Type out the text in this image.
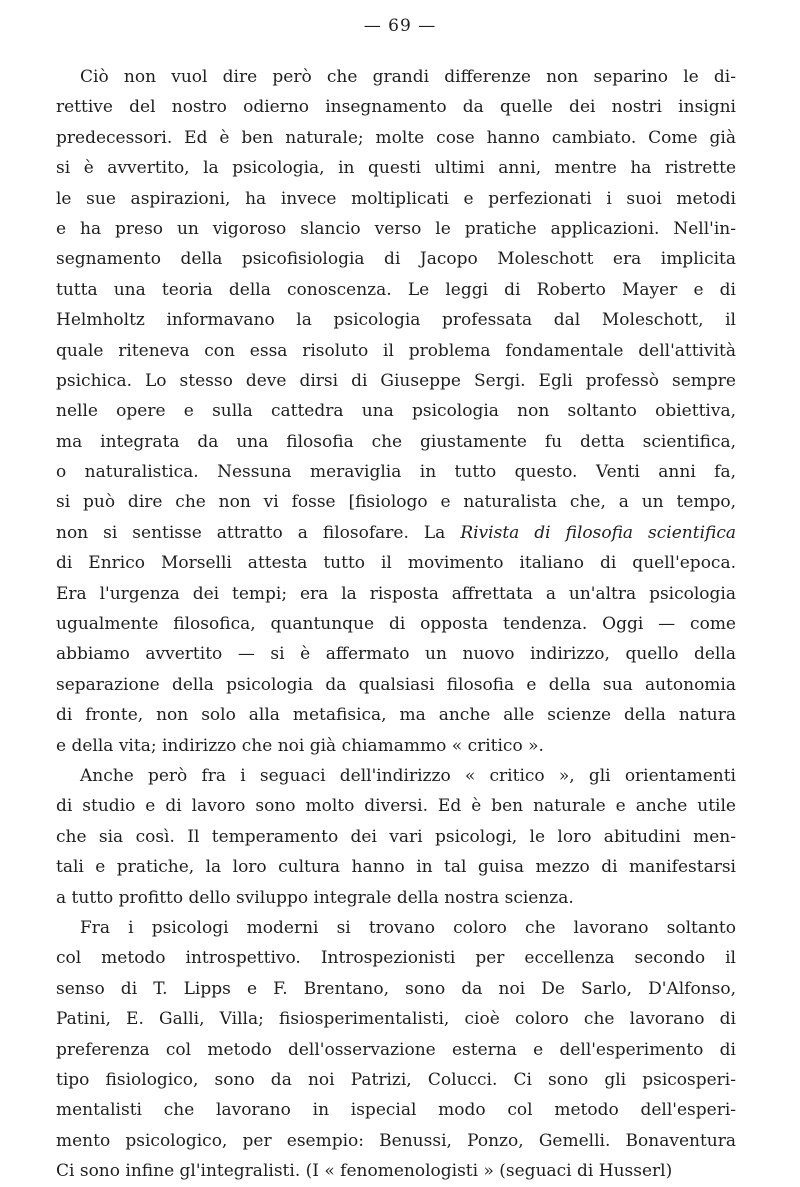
— 69 —
Ciò non vuol dire però che grandi differenze non separino le di-
rettive del nostro odierno insegnamento da quelle dei nostri insigni
predecessori. Ed è ben naturale; molte cose hanno cambiato. Come già
si è avvertito, la psicologia, in questi ultimi anni, mentre ha ristrette
le sue aspirazioni, ha invece moltiplicati e perfezionati i suoi metodi
e ha preso un vigoroso slancio verso le pratiche applicazioni. Nell'in-
segnamento della psicofisiologia di Jacopo Moleschott era implicita
tutta una teoria della conoscenza. Le leggi di Roberto Mayer e di
Helmholtz informavano la psicologia professata dal Moleschott, il
quale riteneva con essa risoluto il problema fondamentale dell'attività
psichica. Lo stesso deve dirsi di Giuseppe Sergi. Egli professò sempre
nelle opere e sulla cattedra una psicologia non soltanto obiettiva,
ma integrata da una filosofia che giustamente fu detta scientifica,
o naturalistica. Nessuna meraviglia in tutto questo. Venti anni fa,
si può dire che non vi fosse [fisiologo e naturalista che, a un tempo,
non si sentisse attratto a filosofare. La Rivista di filosofia scientifica
di Enrico Morselli attesta tutto il movimento italiano di quell'epoca.
Era l'urgenza dei tempi; era la risposta affrettata a un'altra psicologia
ugualmente filosofica, quantunque di opposta tendenza. Oggi — come
abbiamo avvertito — si è affermato un nuovo indirizzo, quello della
separazione della psicologia da qualsiasi filosofia e della sua autonomia
di fronte, non solo alla metafisica, ma anche alle scienze della natura
e della vita; indirizzo che noi già chiamammo « critico ».
Anche però fra i seguaci dell'indirizzo « critico », gli orientamenti
di studio e di lavoro sono molto diversi. Ed è ben naturale e anche utile
che sia così. Il temperamento dei vari psicologi, le loro abitudini men-
tali e pratiche, la loro cultura hanno in tal guisa mezzo di manifestarsi
a tutto profitto dello sviluppo integrale della nostra scienza.
Fra i psicologi moderni si trovano coloro che lavorano soltanto
col metodo introspettivo. Introspezionisti per eccellenza secondo il
senso di T. Lipps e F. Brentano, sono da noi De Sarlo, D'Alfonso,
Patini, E. Galli, Villa; fisiosperimentalisti, cioè coloro che lavorano di
preferenza col metodo dell'osservazione esterna e dell'esperimento di
tipo fisiologico, sono da noi Patrizi, Colucci. Ci sono gli psicosperi-
mentalisti che lavorano in ispecial modo col metodo dell'esperi-
mento psicologico, per esempio: Benussi, Ponzo, Gemelli. Bonaventura
Ci sono infine gl'integralisti. (I « fenomenologisti » (seguaci di Husserl)
